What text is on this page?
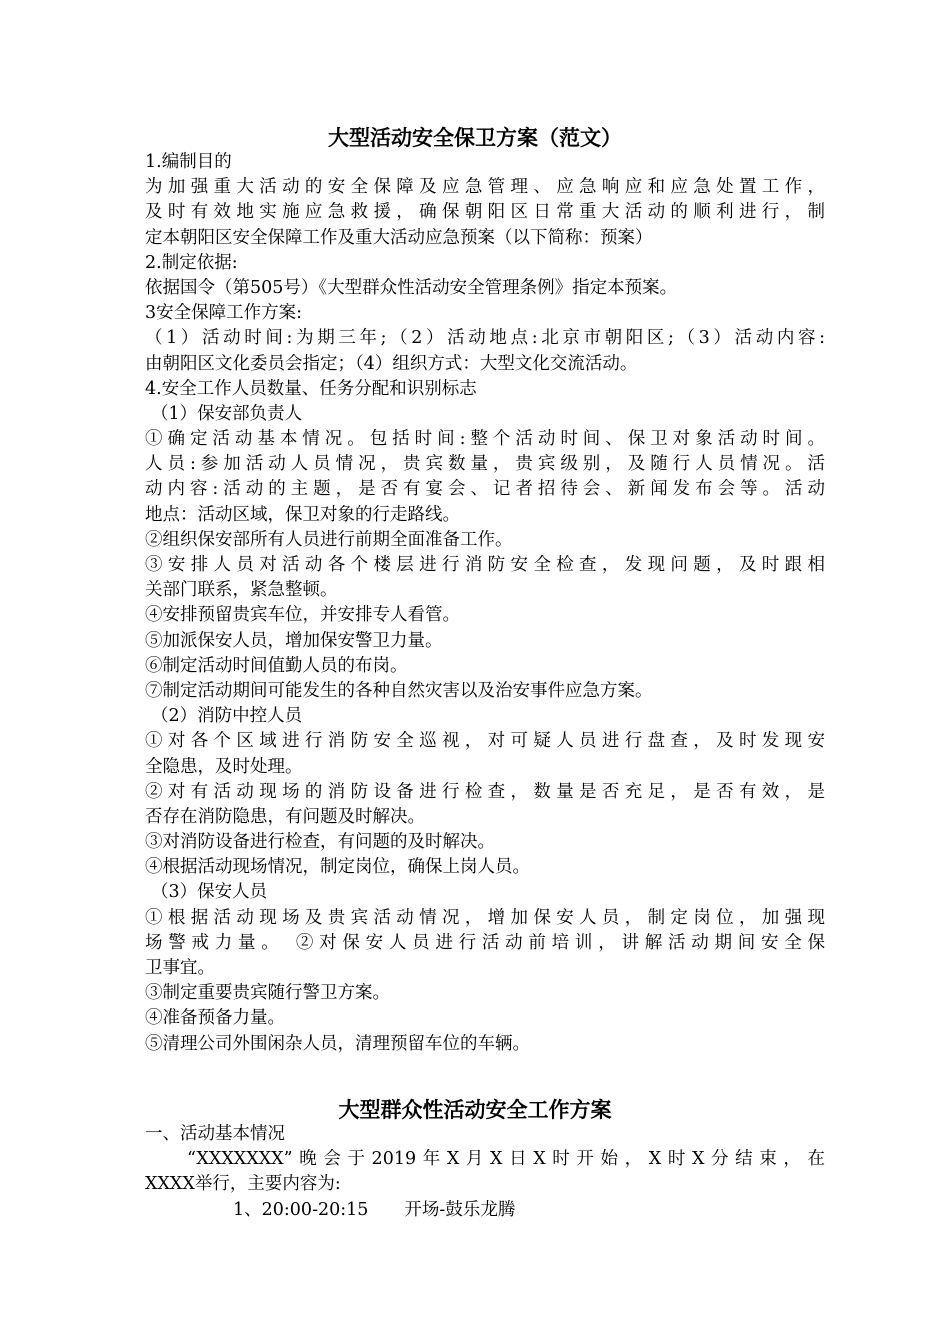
大型活动安全保卫方案（范文）
1.编制目的
为加强重大活动的安全保障及应急管理、应急响应和应急处置工作，
及时有效地实施应急救援，确保朝阳区日常重大活动的顺利进行，制
定本朝阳区安全保障工作及重大活动应急预案（以下简称：预案）
2.制定依据:
依据国令（第505号）《大型群众性活动安全管理条例》指定本预案。
3安全保障工作方案:
（1）活动时间:为期三年;（2）活动地点:北京市朝阳区;（3）活动内容:
由朝阳区文化委员会指定；（4）组织方式：大型文化交流活动。
4.安全工作人员数量、任务分配和识别标志
（1）保安部负责人
①确定活动基本情况。包括时间:整个活动时间、保卫对象活动时间。
人员:参加活动人员情况，贵宾数量，贵宾级别，及随行人员情况。活
动内容:活动的主题，是否有宴会、记者招待会、新闻发布会等。活动
地点：活动区域，保卫对象的行走路线。
②组织保安部所有人员进行前期全面准备工作。
③安排人员对活动各个楼层进行消防安全检查，发现问题，及时跟相
关部门联系，紧急整顿。
④安排预留贵宾车位，并安排专人看管。
⑤加派保安人员，增加保安警卫力量。
⑥制定活动时间值勤人员的布岗。
⑦制定活动期间可能发生的各种自然灾害以及治安事件应急方案。
（2）消防中控人员
①对各个区域进行消防安全巡视，对可疑人员进行盘查，及时发现安
全隐患，及时处理。
②对有活动现场的消防设备进行检查，数量是否充足，是否有效，是
否存在消防隐患，有问题及时解决。
③对消防设备进行检查，有问题的及时解决。
④根据活动现场情况，制定岗位，确保上岗人员。
（3）保安人员
①根据活动现场及贵宾活动情况，增加保安人员，制定岗位，加强现
场警戒力量。 ②对保安人员进行活动前培训，讲解活动期间安全保
卫事宜。
③制定重要贵宾随行警卫方案。
④准备预备力量。
⑤清理公司外围闲杂人员，清理预留车位的车辆。
大型群众性活动安全工作方案
一、活动基本情况
“XXXXXXX”晚会于2019年X月X日X时开始，X时X分结束，在
XXXX举行，主要内容为:
1、20:00-20:15 开场-鼓乐龙腾
